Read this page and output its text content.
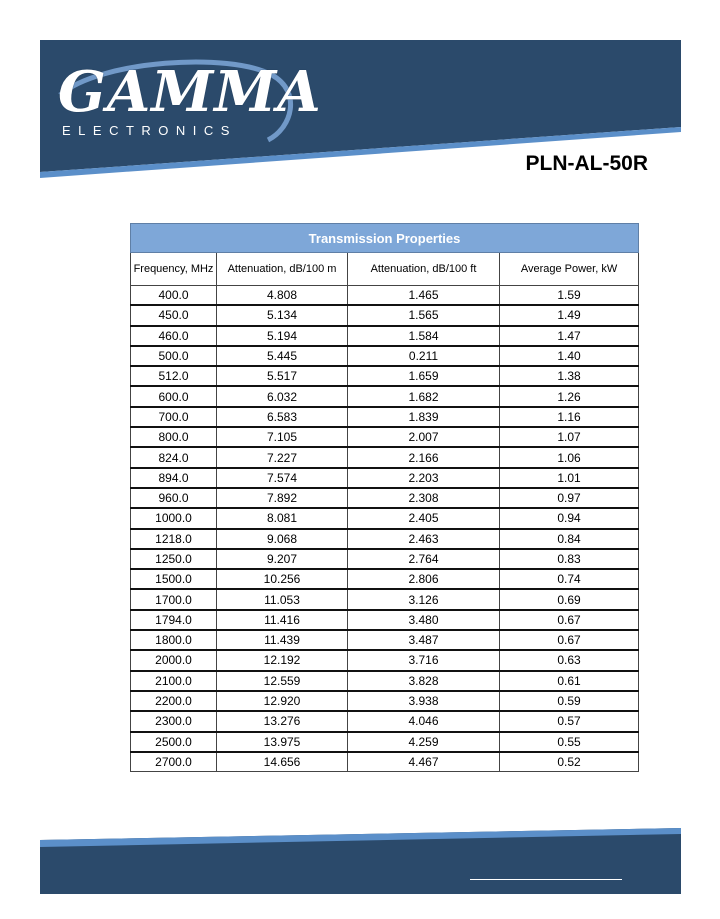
GAMMA
ELECTRONICS
PLN-AL-50R
Transmission Properties			
Frequency, MHz	Attenuation, dB/100 m	Attenuation, dB/100 ft	Average Power, kW
400.0	4.808	1.465	1.59
450.0	5.134	1.565	1.49
460.0	5.194	1.584	1.47
500.0	5.445	0.211	1.40
512.0	5.517	1.659	1.38
600.0	6.032	1.682	1.26
700.0	6.583	1.839	1.16
800.0	7.105	2.007	1.07
824.0	7.227	2.166	1.06
894.0	7.574	2.203	1.01
960.0	7.892	2.308	0.97
1000.0	8.081	2.405	0.94
1218.0	9.068	2.463	0.84
1250.0	9.207	2.764	0.83
1500.0	10.256	2.806	0.74
1700.0	11.053	3.126	0.69
1794.0	11.416	3.480	0.67
1800.0	11.439	3.487	0.67
2000.0	12.192	3.716	0.63
2100.0	12.559	3.828	0.61
2200.0	12.920	3.938	0.59
2300.0	13.276	4.046	0.57
2500.0	13.975	4.259	0.55
2700.0	14.656	4.467	0.52
